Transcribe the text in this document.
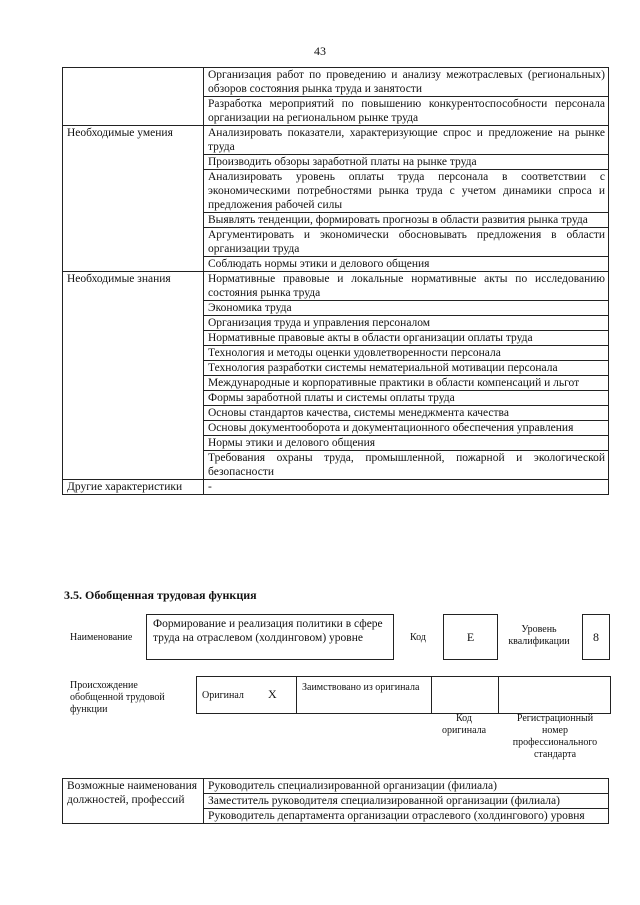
43
	Организация работ по проведению и анализу межотраслевых (региональных) обзоров состояния рынка труда и занятости
	Разработка мероприятий по повышению конкурентоспособности персонала организации на региональном рынке труда
Необходимые умения	Анализировать показатели, характеризующие спрос и предложение на рынке труда
	Производить обзоры заработной платы на рынке труда
	Анализировать уровень оплаты труда персонала в соответствии с экономическими потребностями рынка труда с учетом динамики спроса и предложения рабочей силы
	Выявлять тенденции, формировать прогнозы в области развития рынка труда
	Аргументировать и экономически обосновывать предложения в области организации труда
	Соблюдать нормы этики и делового общения
Необходимые знания	Нормативные правовые и локальные нормативные акты по исследованию состояния рынка труда
	Экономика труда
	Организация труда и управления персоналом
	Нормативные правовые акты в области организации оплаты труда
	Технология и методы оценки удовлетворенности персонала
	Технология разработки системы нематериальной мотивации персонала
	Международные и корпоративные практики в области компенсаций и льгот
	Формы заработной платы и системы оплаты труда
	Основы стандартов качества, системы менеджмента качества
	Основы документооборота и документационного обеспечения управления
	Нормы этики и делового общения
	Требования охраны труда, промышленной, пожарной и экологической безопасности
Другие характеристики	-
3.5. Обобщенная трудовая функция
Наименование
Формирование и реализация политики в сфере труда на отраслевом (холдинговом) уровне	Код	E	Уровень квалификации	8
Происхождение обобщенной трудовой функции
Оригинал X	Заимствовано из оригинала
Код оригинала
Регистрационный номер профессионального стандарта
Возможные наименования должностей, профессий	Руководитель специализированной организации (филиала)
Заместитель руководителя специализированной организации (филиала)
Руководитель департамента организации отраслевого (холдингового) уровня
